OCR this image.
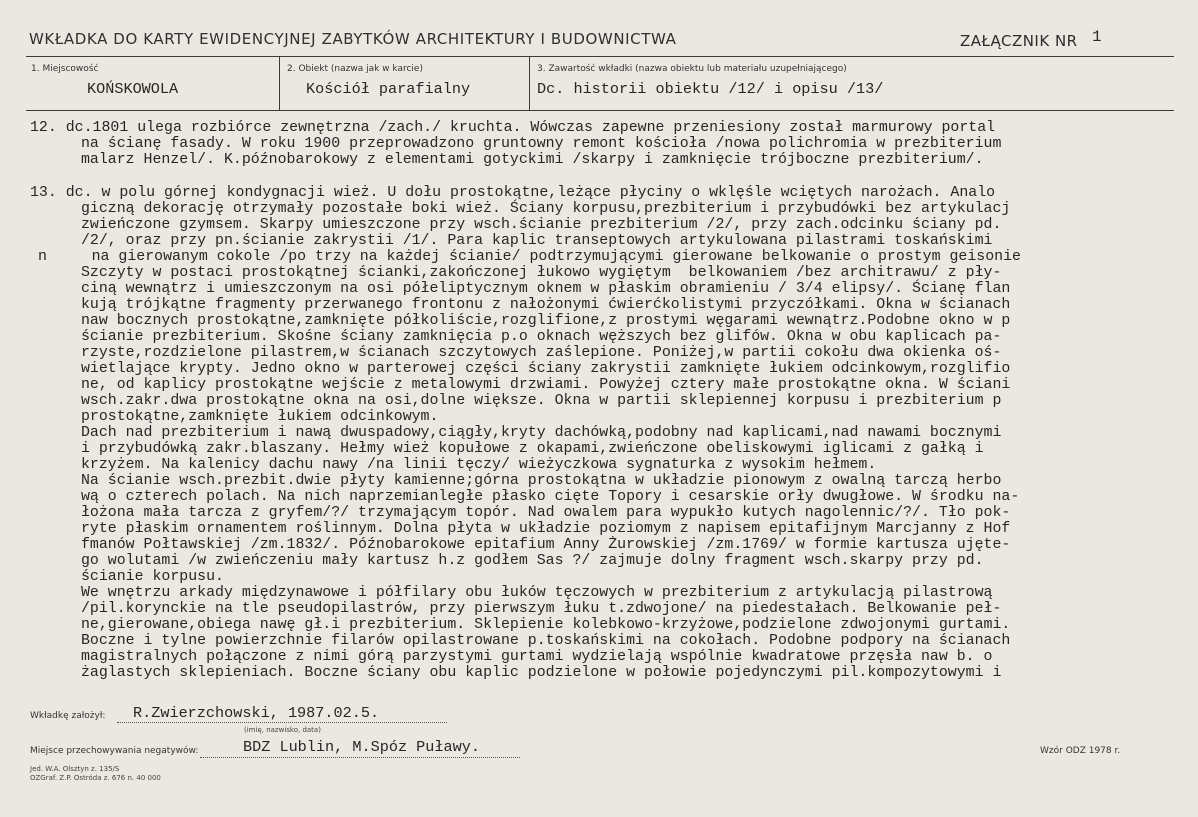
WKŁADKA DO KARTY EWIDENCYJNEJ ZABYTKÓW ARCHITEKTURY I BUDOWNICTWA	ZAŁĄCZNIK NR 1
1. Miejscowość
KOŃSKOWOLA
2. Obiekt (nazwa jak w karcie)
Kościół parafialny
3. Zawartość wkładki (nazwa obiektu lub materiału uzupełniającego)
Dc. historii obiektu /12/ i opisu /13/
12. dc.1801 ulega rozbiórce zewnętrzna /zach./ kruchta. Wówczas zapewne przeniesiony został marmurowy portal
na ścianę fasady. W roku 1900 przeprowadzono gruntowny remont kościoła /nowa polichromia w prezbiterium
malarz Henzel/. K.późnobarokowy z elementami gotyckimi /skarpy i zamknięcie trójboczne prezbiterium/.
13. dc. w polu górnej kondygnacji wież. U dołu prostokątne,leżące płyciny o wklęśle wciętych narożach. Analo
giczną dekorację otrzymały pozostałe boki wież. Ściany korpusu,prezbiterium i przybudówki bez artykulacj
zwieńczone gzymsem. Skarpy umieszczone przy wsch.ścianie prezbiterium /2/, przy zach.odcinku ściany pd.
/2/, oraz przy pn.ścianie zakrystii /1/. Para kaplic transeptowych artykulowana pilastrami toskańskimi
n     na gierowanym cokole /po trzy na każdej ścianie/ podtrzymującymi gierowane belkowanie o prostym geisonie
Szczyty w postaci prostokątnej ścianki,zakończonej łukowo wygiętym  belkowaniem /bez architrawu/ z pły-
ciną wewnątrz i umieszczonym na osi półeliptycznym oknem w płaskim obramieniu / 3/4 elipsy/. Ścianę flan
kują trójkątne fragmenty przerwanego frontonu z nałożonymi ćwierćkolistymi przyczółkami. Okna w ścianach
naw bocznych prostokątne,zamknięte półkoliście,rozglifione,z prostymi węgarami wewnątrz.Podobne okno w p
ścianie prezbiterium. Skośne ściany zamknięcia p.o oknach węższych bez glifów. Okna w obu kaplicach pa-
rzyste,rozdzielone pilastrem,w ścianach szczytowych zaślepione. Poniżej,w partii cokołu dwa okienka oś-
wietlające krypty. Jedno okno w parterowej części ściany zakrystii zamknięte łukiem odcinkowym,rozglifio
ne, od kaplicy prostokątne wejście z metalowymi drzwiami. Powyżej cztery małe prostokątne okna. W ściani
wsch.zakr.dwa prostokątne okna na osi,dolne większe. Okna w partii sklepiennej korpusu i prezbiterium p
prostokątne,zamknięte łukiem odcinkowym.
Dach nad prezbiterium i nawą dwuspadowy,ciągły,kryty dachówką,podobny nad kaplicami,nad nawami bocznymi
i przybudówką zakr.blaszany. Hełmy wież kopułowe z okapami,zwieńczone obeliskowymi iglicami z gałką i
krzyżem. Na kalenicy dachu nawy /na linii tęczy/ wieżyczkowa sygnaturka z wysokim hełmem.
Na ścianie wsch.prezbit.dwie płyty kamienne;górna prostokątna w układzie pionowym z owalną tarczą herbo
wą o czterech polach. Na nich naprzemianległe płasko cięte Topory i cesarskie orły dwugłowe. W środku na-
łożona mała tarcza z gryfem/?/ trzymającym topór. Nad owalem para wypukło kutych nagolennic/?/. Tło pok-
ryte płaskim ornamentem roślinnym. Dolna płyta w układzie poziomym z napisem epitafijnym Marcjanny z Hof
fmanów Połtawskiej /zm.1832/. Późnobarokowe epitafium Anny Żurowskiej /zm.1769/ w formie kartusza ujęte-
go wolutami /w zwieńczeniu mały kartusz h.z godłem Sas ?/ zajmuje dolny fragment wsch.skarpy przy pd.
ścianie korpusu.
We wnętrzu arkady międzynawowe i półfilary obu łuków tęczowych w prezbiterium z artykulacją pilastrową
/pil.korynckie na tle pseudopilastrów, przy pierwszym łuku t.zdwojone/ na piedestałach. Belkowanie peł-
ne,gierowane,obiega nawę gł.i prezbiterium. Sklepienie kolebkowo-krzyżowe,podzielone zdwojonymi gurtami.
Boczne i tylne powierzchnie filarów opilastrowane p.toskańskimi na cokołach. Podobne podpory na ścianach
magistralnych połączone z nimi górą parzystymi gurtami wydzielają wspólnie kwadratowe przęsła naw b. o
żaglastych sklepieniach. Boczne ściany obu kaplic podzielone w połowie pojedynczymi pil.kompozytowymi i
Wkładkę założył: R.Zwierzchowski, 1987.02.5.
(imię, nazwisko, data)
Miejsce przechowywania negatywów:	BDZ Lublin, M.Spóz Puławy.	Wzór ODZ 1978 r.
Jed. W.A. Olsztyn z. 135/S
OZGraf. Z.P. Ostróda z. 676 n. 40 000
